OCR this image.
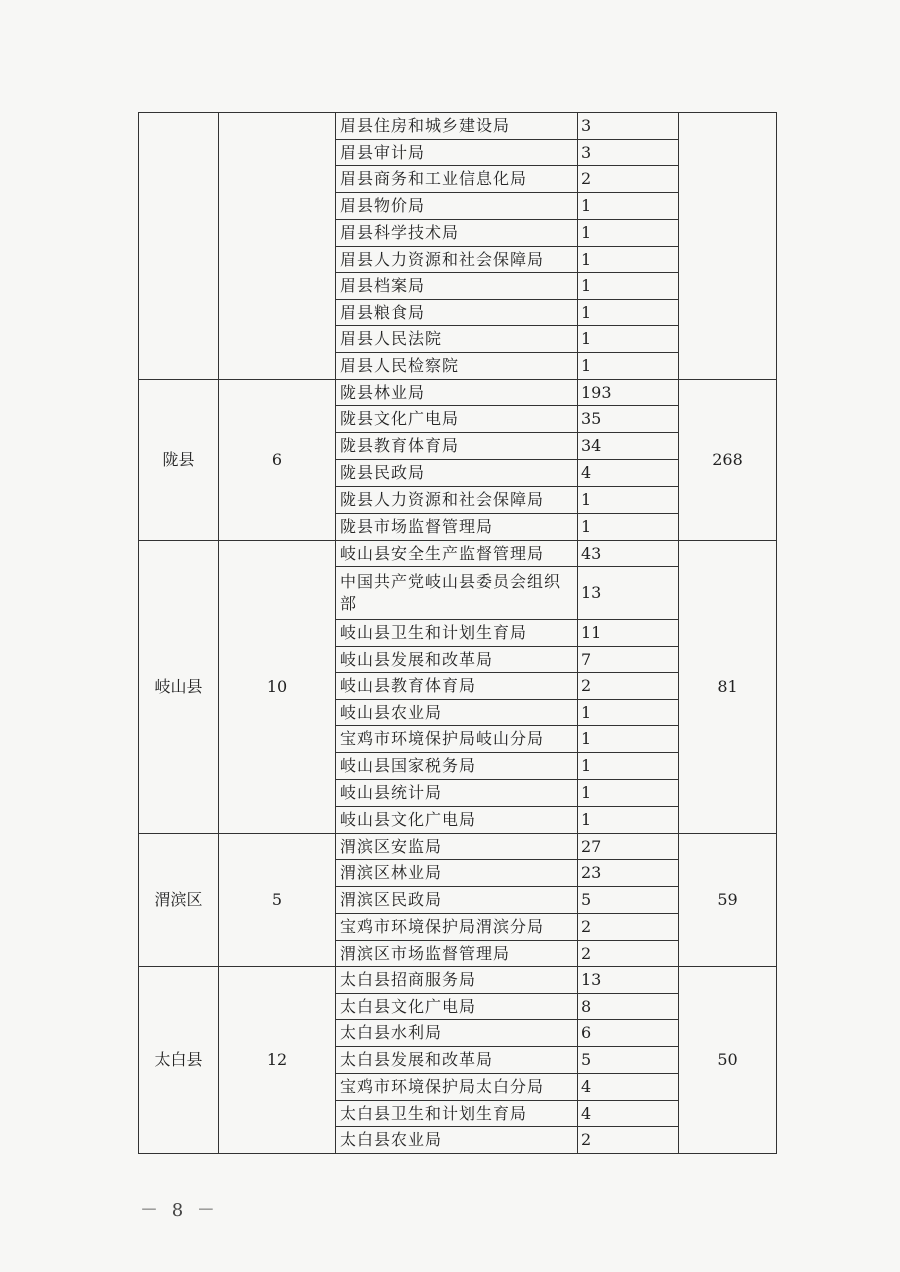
		眉县住房和城乡建设局	3	
		眉县审计局	3	
		眉县商务和工业信息化局	2	
		眉县物价局	1	
		眉县科学技术局	1	
		眉县人力资源和社会保障局	1	
		眉县档案局	1	
		眉县粮食局	1	
		眉县人民法院	1	
		眉县人民检察院	1	
陇县	6	陇县林业局	193	268
		陇县文化广电局	35	
		陇县教育体育局	34	
		陇县民政局	4	
		陇县人力资源和社会保障局	1	
		陇县市场监督管理局	1	
岐山县	10	岐山县安全生产监督管理局	43	81
		中国共产党岐山县委员会组织部	13	
		岐山县卫生和计划生育局	11	
		岐山县发展和改革局	7	
		岐山县教育体育局	2	
		岐山县农业局	1	
		宝鸡市环境保护局岐山分局	1	
		岐山县国家税务局	1	
		岐山县统计局	1	
		岐山县文化广电局	1	
渭滨区	5	渭滨区安监局	27	59
		渭滨区林业局	23	
		渭滨区民政局	5	
		宝鸡市环境保护局渭滨分局	2	
		渭滨区市场监督管理局	2	
太白县	12	太白县招商服务局	13	50
		太白县文化广电局	8	
		太白县水利局	6	
		太白县发展和改革局	5	
		宝鸡市环境保护局太白分局	4	
		太白县卫生和计划生育局	4	
		太白县农业局	2	
－ 8 －
